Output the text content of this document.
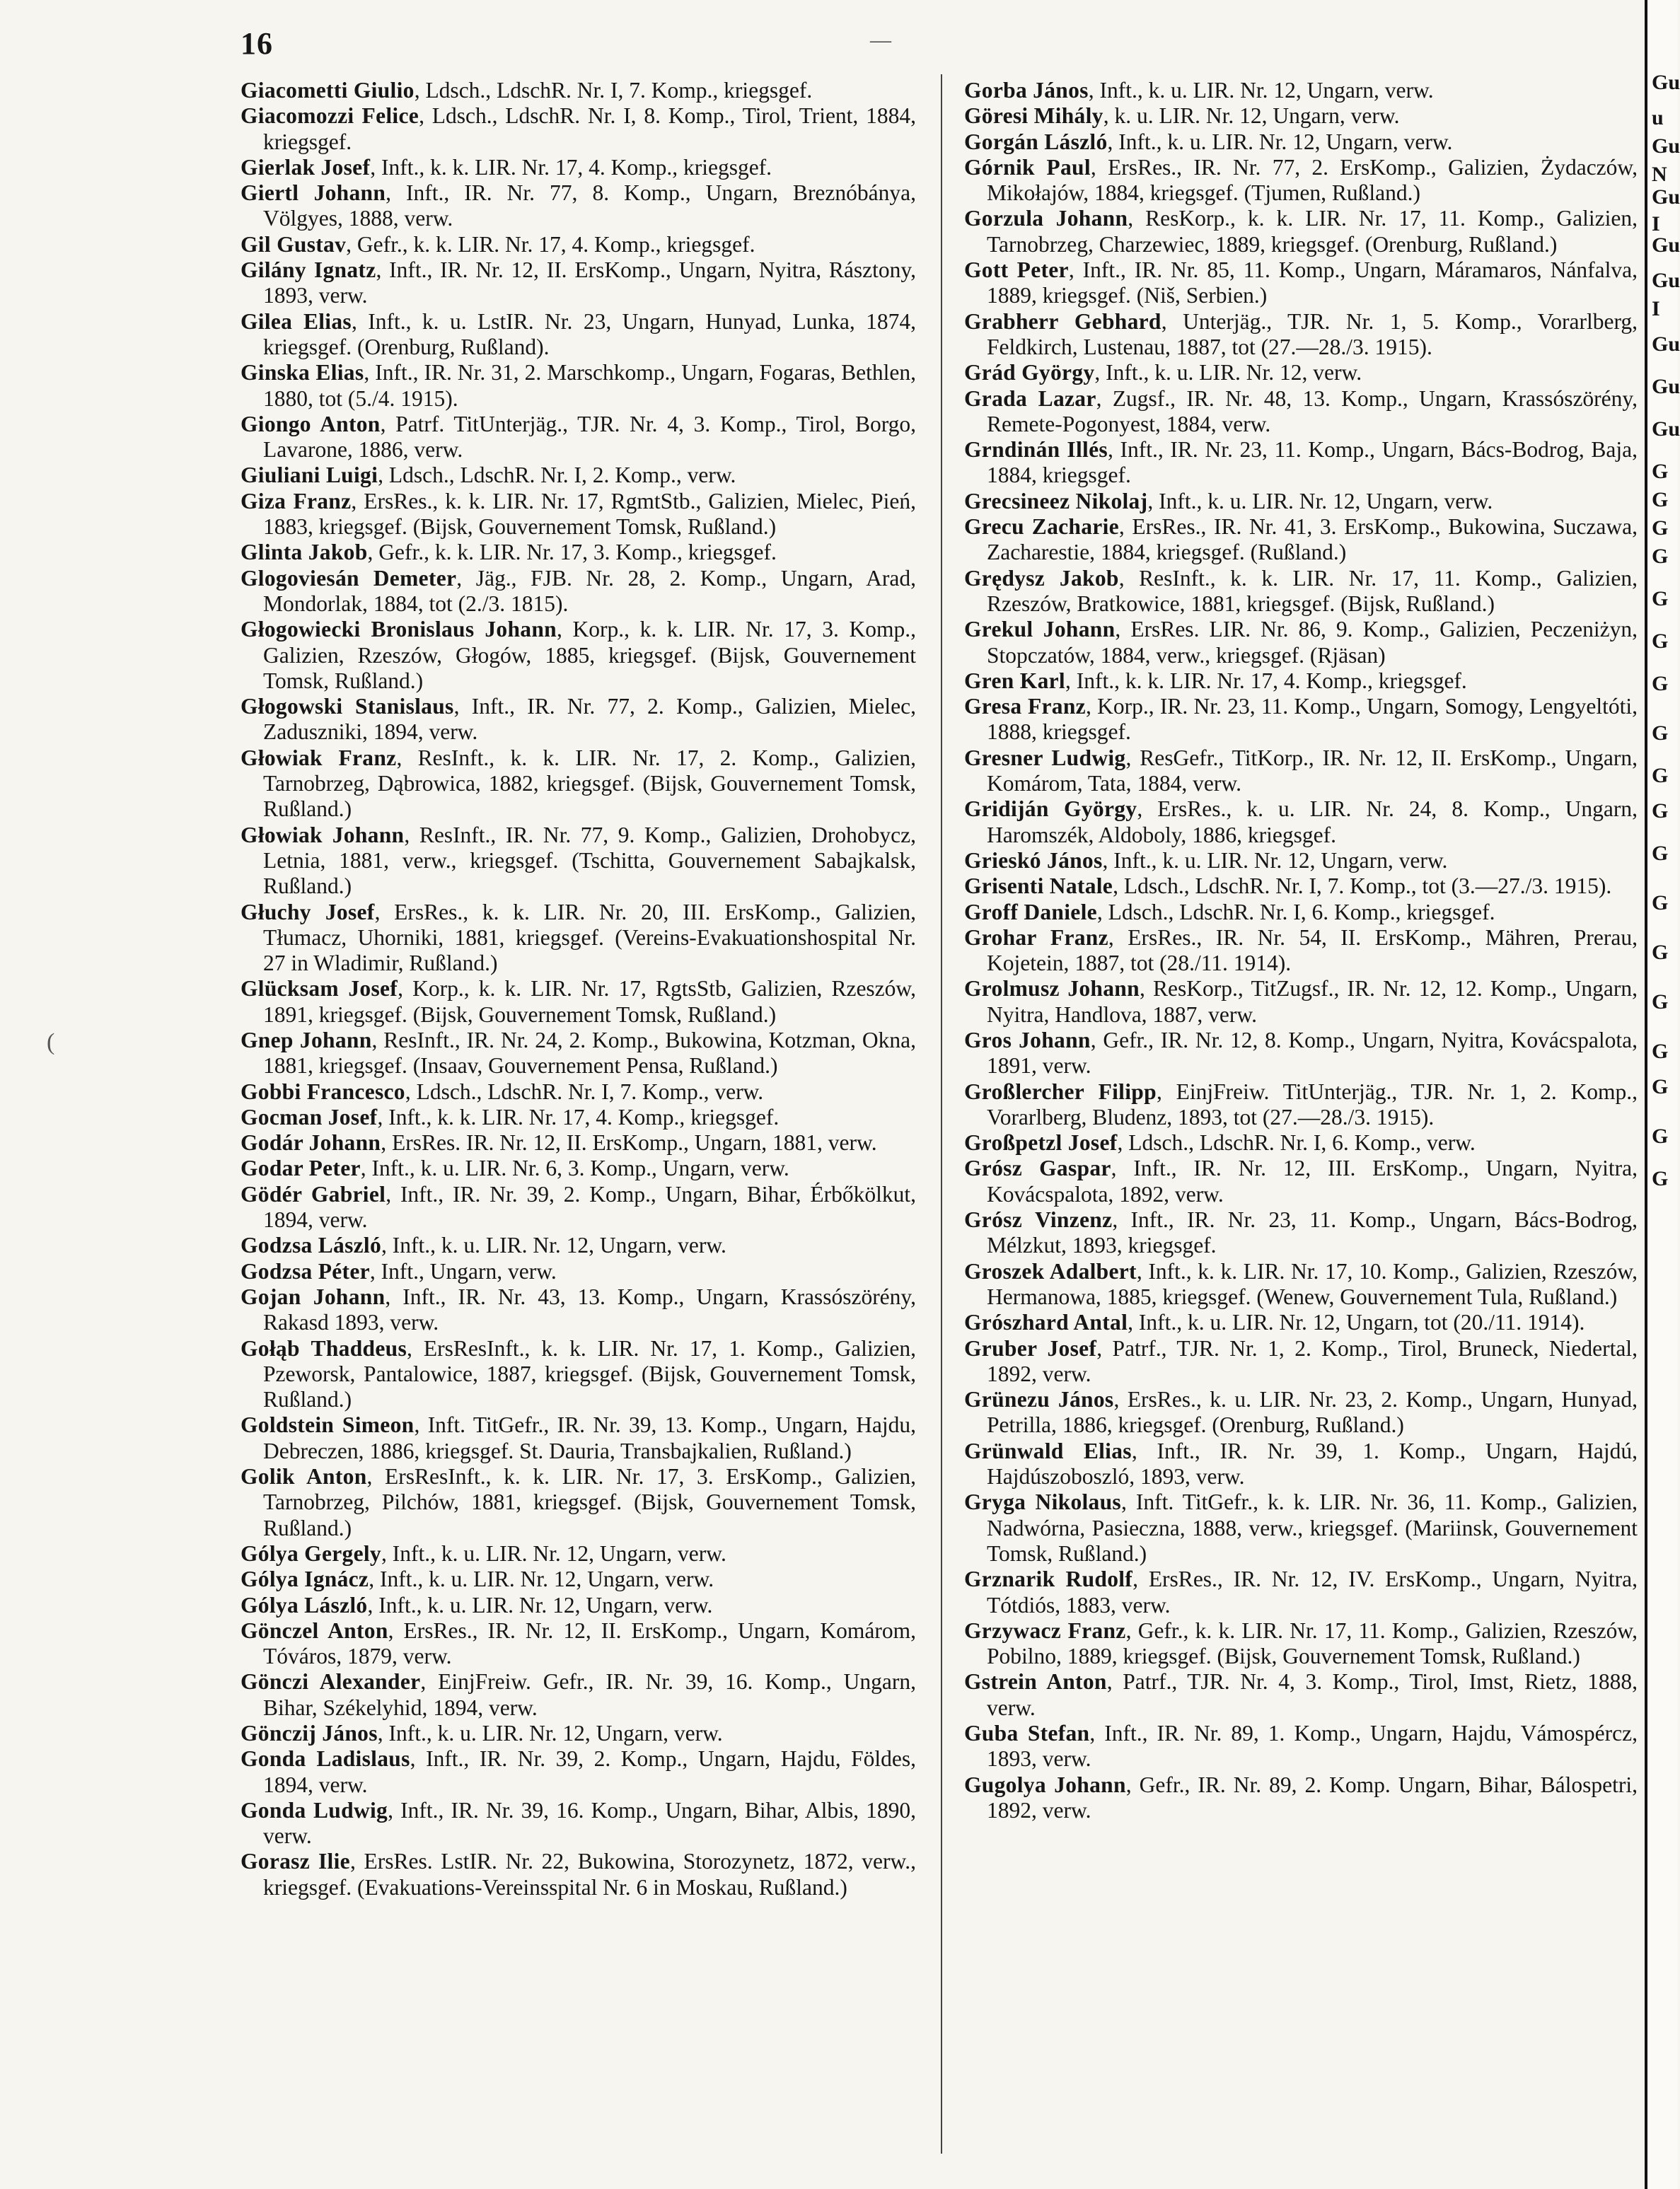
16	—

Giacometti Giulio, Ldsch., LdschR. Nr. I, 7. Komp., kriegsgef.

Giacomozzi Felice, Ldsch., LdschR. Nr. I, 8. Komp., Tirol, Trient, 1884, kriegsgef.

Gierlak Josef, Inft., k. k. LIR. Nr. 17, 4. Komp., kriegsgef.

Giertl Johann, Inft., IR. Nr. 77, 8. Komp., Ungarn, Breznóbánya, Völgyes, 1888, verw.

Gil Gustav, Gefr., k. k. LIR. Nr. 17, 4. Komp., kriegsgef.

Gilány Ignatz, Inft., IR. Nr. 12, II. ErsKomp., Ungarn, Nyitra, Rásztony, 1893, verw.

Gilea Elias, Inft., k. u. LstIR. Nr. 23, Ungarn, Hunyad, Lunka, 1874, kriegsgef. (Orenburg, Rußland).

Ginska Elias, Inft., IR. Nr. 31, 2. Marschkomp., Ungarn, Fogaras, Bethlen, 1880, tot (5./4. 1915).

Giongo Anton, Patrf. TitUnterjäg., TJR. Nr. 4, 3. Komp., Tirol, Borgo, Lavarone, 1886, verw.

Giuliani Luigi, Ldsch., LdschR. Nr. I, 2. Komp., verw.

Giza Franz, ErsRes., k. k. LIR. Nr. 17, RgmtStb., Galizien, Mielec, Pień, 1883, kriegsgef. (Bijsk, Gouvernement Tomsk, Rußland.)

Glinta Jakob, Gefr., k. k. LIR. Nr. 17, 3. Komp., kriegsgef.

Glogoviesán Demeter, Jäg., FJB. Nr. 28, 2. Komp., Ungarn, Arad, Mondorlak, 1884, tot (2./3. 1815).

Głogowiecki Bronislaus Johann, Korp., k. k. LIR. Nr. 17, 3. Komp., Galizien, Rzeszów, Głogów, 1885, kriegsgef. (Bijsk, Gouvernement Tomsk, Rußland.)

Głogowski Stanislaus, Inft., IR. Nr. 77, 2. Komp., Galizien, Mielec, Zaduszniki, 1894, verw.

Głowiak Franz, ResInft., k. k. LIR. Nr. 17, 2. Komp., Galizien, Tarnobrzeg, Dąbrowica, 1882, kriegsgef. (Bijsk, Gouvernement Tomsk, Rußland.)

Głowiak Johann, ResInft., IR. Nr. 77, 9. Komp., Galizien, Drohobycz, Letnia, 1881, verw., kriegsgef. (Tschitta, Gouvernement Sabajkalsk, Rußland.)

Głuchy Josef, ErsRes., k. k. LIR. Nr. 20, III. ErsKomp., Galizien, Tłumacz, Uhorniki, 1881, kriegsgef. (Vereins-Evakuationshospital Nr. 27 in Wladimir, Rußland.)

Glücksam Josef, Korp., k. k. LIR. Nr. 17, RgtsStb, Galizien, Rzeszów, 1891, kriegsgef. (Bijsk, Gouvernement Tomsk, Rußland.)

Gnep Johann, ResInft., IR. Nr. 24, 2. Komp., Bukowina, Kotzman, Okna, 1881, kriegsgef. (Insaav, Gouvernement Pensa, Rußland.)

Gobbi Francesco, Ldsch., LdschR. Nr. I, 7. Komp., verw.

Gocman Josef, Inft., k. k. LIR. Nr. 17, 4. Komp., kriegsgef.

Godár Johann, ErsRes. IR. Nr. 12, II. ErsKomp., Ungarn, 1881, verw.

Godar Peter, Inft., k. u. LIR. Nr. 6, 3. Komp., Ungarn, verw.

Gödér Gabriel, Inft., IR. Nr. 39, 2. Komp., Ungarn, Bihar, Érbőkölkut, 1894, verw.

Godzsa László, Inft., k. u. LIR. Nr. 12, Ungarn, verw.

Godzsa Péter, Inft., Ungarn, verw.

Gojan Johann, Inft., IR. Nr. 43, 13. Komp., Ungarn, Krassószörény, Rakasd 1893, verw.

Gołąb Thaddeus, ErsResInft., k. k. LIR. Nr. 17, 1. Komp., Galizien, Pzeworsk, Pantalowice, 1887, kriegsgef. (Bijsk, Gouvernement Tomsk, Rußland.)

Goldstein Simeon, Inft. TitGefr., IR. Nr. 39, 13. Komp., Ungarn, Hajdu, Debreczen, 1886, kriegsgef. St. Dauria, Transbajkalien, Rußland.)

Golik Anton, ErsResInft., k. k. LIR. Nr. 17, 3. ErsKomp., Galizien, Tarnobrzeg, Pilchów, 1881, kriegsgef. (Bijsk, Gouvernement Tomsk, Rußland.)

Gólya Gergely, Inft., k. u. LIR. Nr. 12, Ungarn, verw.

Gólya Ignácz, Inft., k. u. LIR. Nr. 12, Ungarn, verw.

Gólya László, Inft., k. u. LIR. Nr. 12, Ungarn, verw.

Gönczel Anton, ErsRes., IR. Nr. 12, II. ErsKomp., Ungarn, Komárom, Tóváros, 1879, verw.

Gönczi Alexander, EinjFreiw. Gefr., IR. Nr. 39, 16. Komp., Ungarn, Bihar, Székelyhid, 1894, verw.

Gönczij János, Inft., k. u. LIR. Nr. 12, Ungarn, verw.

Gonda Ladislaus, Inft., IR. Nr. 39, 2. Komp., Ungarn, Hajdu, Földes, 1894, verw.

Gonda Ludwig, Inft., IR. Nr. 39, 16. Komp., Ungarn, Bihar, Albis, 1890, verw.

Gorasz Ilie, ErsRes. LstIR. Nr. 22, Bukowina, Storozynetz, 1872, verw., kriegsgef. (Evakuations-Vereinsspital Nr. 6 in Moskau, Rußland.)

Gorba János, Inft., k. u. LIR. Nr. 12, Ungarn, verw.

Göresi Mihály, k. u. LIR. Nr. 12, Ungarn, verw.

Gorgán László, Inft., k. u. LIR. Nr. 12, Ungarn, verw.

Górnik Paul, ErsRes., IR. Nr. 77, 2. ErsKomp., Galizien, Żydaczów, Mikołajów, 1884, kriegsgef. (Tjumen, Rußland.)

Gorzula Johann, ResKorp., k. k. LIR. Nr. 17, 11. Komp., Galizien, Tarnobrzeg, Charzewiec, 1889, kriegsgef. (Orenburg, Rußland.)

Gott Peter, Inft., IR. Nr. 85, 11. Komp., Ungarn, Máramaros, Nánfalva, 1889, kriegsgef. (Niš, Serbien.)

Grabherr Gebhard, Unterjäg., TJR. Nr. 1, 5. Komp., Vorarlberg, Feldkirch, Lustenau, 1887, tot (27.—28./3. 1915).

Grád György, Inft., k. u. LIR. Nr. 12, verw.

Grada Lazar, Zugsf., IR. Nr. 48, 13. Komp., Ungarn, Krassószörény, Remete-Pogonyest, 1884, verw.

Grndinán Illés, Inft., IR. Nr. 23, 11. Komp., Ungarn, Bács-Bodrog, Baja, 1884, kriegsgef.

Grecsineez Nikolaj, Inft., k. u. LIR. Nr. 12, Ungarn, verw.

Grecu Zacharie, ErsRes., IR. Nr. 41, 3. ErsKomp., Bukowina, Suczawa, Zacharestie, 1884, kriegsgef. (Rußland.)

Grędysz Jakob, ResInft., k. k. LIR. Nr. 17, 11. Komp., Galizien, Rzeszów, Bratkowice, 1881, kriegsgef. (Bijsk, Rußland.)

Grekul Johann, ErsRes. LIR. Nr. 86, 9. Komp., Galizien, Peczeniżyn, Stopczatów, 1884, verw., kriegsgef. (Rjäsan)

Gren Karl, Inft., k. k. LIR. Nr. 17, 4. Komp., kriegsgef.

Gresa Franz, Korp., IR. Nr. 23, 11. Komp., Ungarn, Somogy, Lengyeltóti, 1888, kriegsgef.

Gresner Ludwig, ResGefr., TitKorp., IR. Nr. 12, II. ErsKomp., Ungarn, Komárom, Tata, 1884, verw.

Gridiján György, ErsRes., k. u. LIR. Nr. 24, 8. Komp., Ungarn, Haromszék, Aldoboly, 1886, kriegsgef.

Grieskó János, Inft., k. u. LIR. Nr. 12, Ungarn, verw.

Grisenti Natale, Ldsch., LdschR. Nr. I, 7. Komp., tot (3.—27./3. 1915).

Groff Daniele, Ldsch., LdschR. Nr. I, 6. Komp., kriegsgef.

Grohar Franz, ErsRes., IR. Nr. 54, II. ErsKomp., Mähren, Prerau, Kojetein, 1887, tot (28./11. 1914).

Grolmusz Johann, ResKorp., TitZugsf., IR. Nr. 12, 12. Komp., Ungarn, Nyitra, Handlova, 1887, verw.

Gros Johann, Gefr., IR. Nr. 12, 8. Komp., Ungarn, Nyitra, Kovácspalota, 1891, verw.

Großlercher Filipp, EinjFreiw. TitUnterjäg., TJR. Nr. 1, 2. Komp., Vorarlberg, Bludenz, 1893, tot (27.—28./3. 1915).

Großpetzl Josef, Ldsch., LdschR. Nr. I, 6. Komp., verw.

Grósz Gaspar, Inft., IR. Nr. 12, III. ErsKomp., Ungarn, Nyitra, Kovácspalota, 1892, verw.

Grósz Vinzenz, Inft., IR. Nr. 23, 11. Komp., Ungarn, Bács-Bodrog, Mélzkut, 1893, kriegsgef.

Groszek Adalbert, Inft., k. k. LIR. Nr. 17, 10. Komp., Galizien, Rzeszów, Hermanowa, 1885, kriegsgef. (Wenew, Gouvernement Tula, Rußland.)

Grószhard Antal, Inft., k. u. LIR. Nr. 12, Ungarn, tot (20./11. 1914).

Gruber Josef, Patrf., TJR. Nr. 1, 2. Komp., Tirol, Bruneck, Niedertal, 1892, verw.

Grünezu János, ErsRes., k. u. LIR. Nr. 23, 2. Komp., Ungarn, Hunyad, Petrilla, 1886, kriegsgef. (Orenburg, Rußland.)

Grünwald Elias, Inft., IR. Nr. 39, 1. Komp., Ungarn, Hajdú, Hajdúszoboszló, 1893, verw.

Gryga Nikolaus, Inft. TitGefr., k. k. LIR. Nr. 36, 11. Komp., Galizien, Nadwórna, Pasieczna, 1888, verw., kriegsgef. (Mariinsk, Gouvernement Tomsk, Rußland.)

Grznarik Rudolf, ErsRes., IR. Nr. 12, IV. ErsKomp., Ungarn, Nyitra, Tótdiós, 1883, verw.

Grzywacz Franz, Gefr., k. k. LIR. Nr. 17, 11. Komp., Galizien, Rzeszów, Pobilno, 1889, kriegsgef. (Bijsk, Gouvernement Tomsk, Rußland.)

Gstrein Anton, Patrf., TJR. Nr. 4, 3. Komp., Tirol, Imst, Rietz, 1888, verw.

Guba Stefan, Inft., IR. Nr. 89, 1. Komp., Ungarn, Hajdu, Vámospércz, 1893, verw.

Gugolya Johann, Gefr., IR. Nr. 89, 2. Komp. Ungarn, Bihar, Bálospetri, 1892, verw.

Gu
u
Gu
N
Gu
I
Gu
Gu
I
Gu
Gu
Gu
G
G
G
G
G
G
G
G
G
G
G
G
G
G
G
G
G
G
(
